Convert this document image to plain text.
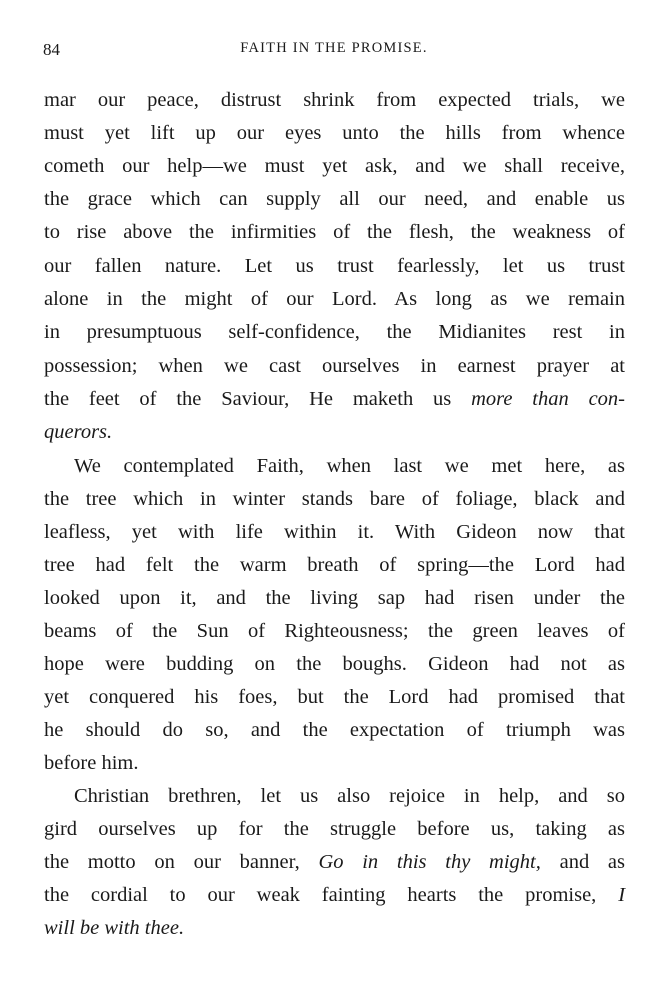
84	FAITH IN THE PROMISE.
mar our peace, distrust shrink from expected trials, we
must yet lift up our eyes unto the hills from whence
cometh our help—we must yet ask, and we shall receive,
the grace which can supply all our need, and enable us
to rise above the infirmities of the flesh, the weakness of
our fallen nature. Let us trust fearlessly, let us trust
alone in the might of our Lord. As long as we remain
in presumptuous self-confidence, the Midianites rest in
possession; when we cast ourselves in earnest prayer at
the feet of the Saviour, He maketh us more than con-
querors.
We contemplated Faith, when last we met here, as
the tree which in winter stands bare of foliage, black and
leafless, yet with life within it. With Gideon now that
tree had felt the warm breath of spring—the Lord had
looked upon it, and the living sap had risen under the
beams of the Sun of Righteousness; the green leaves of
hope were budding on the boughs. Gideon had not as
yet conquered his foes, but the Lord had promised that
he should do so, and the expectation of triumph was
before him.
Christian brethren, let us also rejoice in help, and so
gird ourselves up for the struggle before us, taking as
the motto on our banner, Go in this thy might, and as
the cordial to our weak fainting hearts the promise, I
will be with thee.
